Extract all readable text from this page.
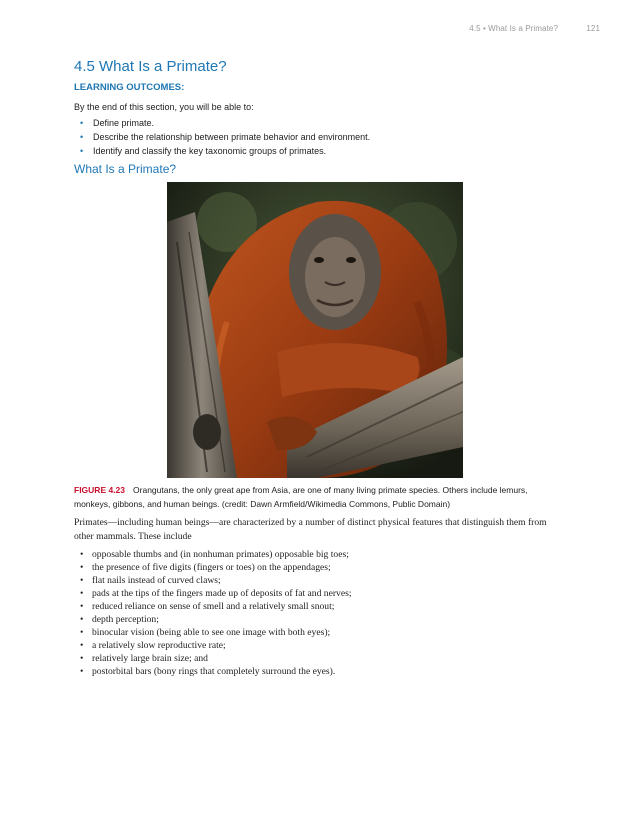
4.5 • What Is a Primate?	121
4.5 What Is a Primate?
LEARNING OUTCOMES:

By the end of this section, you will be able to:

• Define primate.
• Describe the relationship between primate behavior and environment.
• Identify and classify the key taxonomic groups of primates.
What Is a Primate?

FIGURE 4.23 Orangutans, the only great ape from Asia, are one of many living primate species. Others include lemurs, monkeys, gibbons, and human beings. (credit: Dawn Armfield/Wikimedia Commons, Public Domain)

Primates—including human beings—are characterized by a number of distinct physical features that distinguish them from other mammals. These include

• opposable thumbs and (in nonhuman primates) opposable big toes;
• the presence of five digits (fingers or toes) on the appendages;
• flat nails instead of curved claws;
• pads at the tips of the fingers made up of deposits of fat and nerves;
• reduced reliance on sense of smell and a relatively small snout;
• depth perception;
• binocular vision (being able to see one image with both eyes);
• a relatively slow reproductive rate;
• relatively large brain size; and
• postorbital bars (bony rings that completely surround the eyes).
